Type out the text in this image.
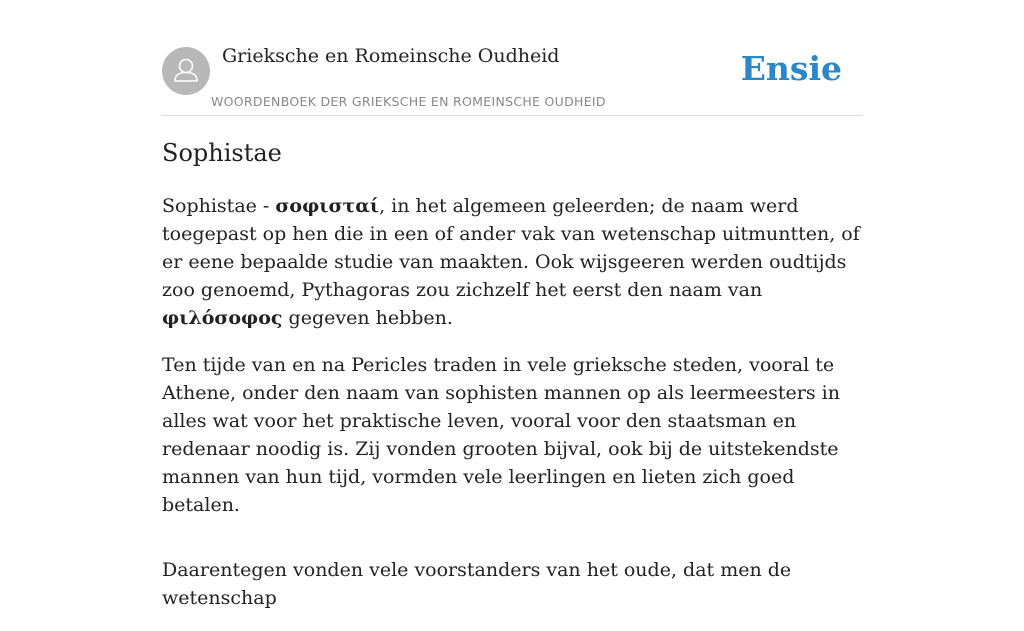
Grieksche en Romeinsche Oudheid
WOORDENBOEK DER GRIEKSCHE EN ROMEINSCHE OUDHEID
Ensie
Sophistae

Sophistae - σοφισταί, in het algemeen geleerden; de naam werd toegepast op hen die in een of ander vak van wetenschap uitmuntten, of er eene bepaalde studie van maakten. Ook wijsgeeren werden oudtijds zoo genoemd, Pythagoras zou zichzelf het eerst den naam van φιλόσοφος gegeven hebben.

Ten tijde van en na Pericles traden in vele grieksche steden, vooral te Athene, onder den naam van sophisten mannen op als leermeesters in alles wat voor het praktische leven, vooral voor den staatsman en redenaar noodig is. Zij vonden grooten bijval, ook bij de uitstekendste mannen van hun tijd, vormden vele leerlingen en lieten zich goed betalen.

Daarentegen vonden vele voorstanders van het oude, dat men de wetenschap
